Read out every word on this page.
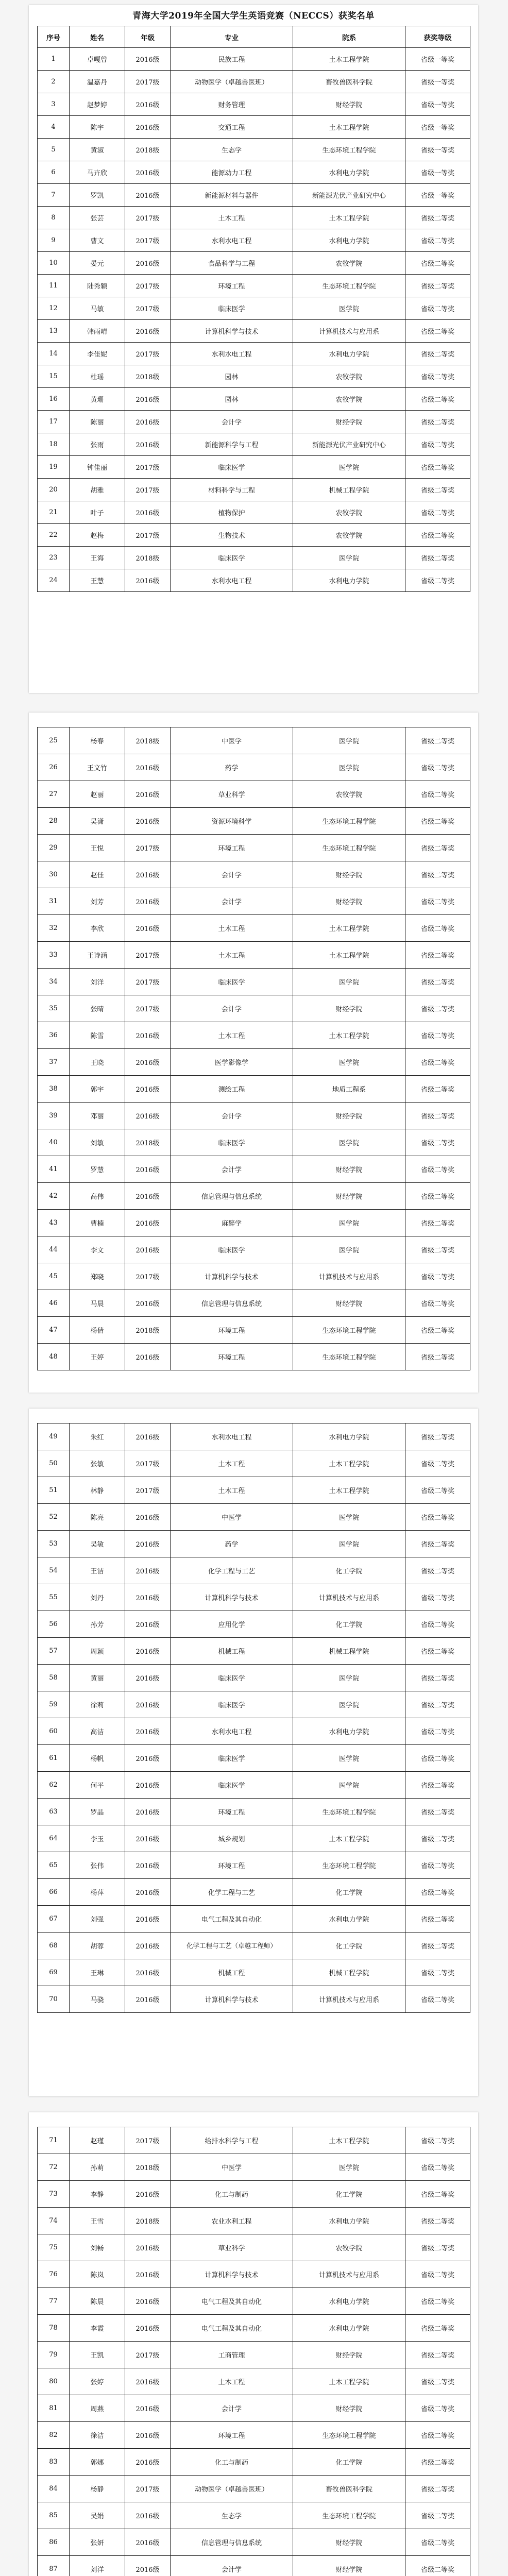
青海大学2019年全国大学生英语竞赛（NECCS）获奖名单
序号	姓名	年级	专业	院系	获奖等级
1	卓嘎曾	2016级	民族工程	土木工程学院	省级一等奖
2	温嘉丹	2017级	动物医学（卓越兽医班）	畜牧兽医科学院	省级一等奖
3	赵梦婷	2016级	财务管理	财经学院	省级一等奖
4	陈宇	2016级	交通工程	土木工程学院	省级一等奖
5	黄淑	2018级	生态学	生态环境工程学院	省级一等奖
6	马卉欣	2016级	能源动力工程	水利电力学院	省级一等奖
7	罗凯	2016级	新能源材料与器件	新能源光伏产业研究中心	省级一等奖
8	张芸	2017级	土木工程	土木工程学院	省级二等奖
9	曹文	2017级	水利水电工程	水利电力学院	省级二等奖
10	晏元	2016级	食品科学与工程	农牧学院	省级二等奖
11	陆秀颖	2017级	环境工程	生态环境工程学院	省级二等奖
12	马敏	2017级	临床医学	医学院	省级二等奖
13	韩雨晴	2016级	计算机科学与技术	计算机技术与应用系	省级二等奖
14	李佳妮	2017级	水利水电工程	水利电力学院	省级二等奖
15	杜瑶	2018级	园林	农牧学院	省级二等奖
16	黄珊	2016级	园林	农牧学院	省级二等奖
17	陈丽	2016级	会计学	财经学院	省级二等奖
18	张雨	2016级	新能源科学与工程	新能源光伏产业研究中心	省级二等奖
19	钟佳丽	2017级	临床医学	医学院	省级二等奖
20	胡雅	2017级	材料科学与工程	机械工程学院	省级二等奖
21	叶子	2016级	植物保护	农牧学院	省级二等奖
22	赵梅	2017级	生物技术	农牧学院	省级二等奖
23	王海	2018级	临床医学	医学院	省级二等奖
24	王慧	2016级	水利水电工程	水利电力学院	省级二等奖
25	杨春	2018级	中医学	医学院	省级二等奖
26	王文竹	2016级	药学	医学院	省级二等奖
27	赵丽	2016级	草业科学	农牧学院	省级二等奖
28	吴潇	2016级	资源环境科学	生态环境工程学院	省级二等奖
29	王悦	2017级	环境工程	生态环境工程学院	省级二等奖
30	赵佳	2016级	会计学	财经学院	省级二等奖
31	刘芳	2016级	会计学	财经学院	省级二等奖
32	李欣	2016级	土木工程	土木工程学院	省级二等奖
33	王诗涵	2017级	土木工程	土木工程学院	省级二等奖
34	刘洋	2017级	临床医学	医学院	省级二等奖
35	张晴	2017级	会计学	财经学院	省级二等奖
36	陈雪	2016级	土木工程	土木工程学院	省级二等奖
37	王晓	2016级	医学影像学	医学院	省级二等奖
38	郭宇	2016级	测绘工程	地质工程系	省级二等奖
39	邓丽	2016级	会计学	财经学院	省级二等奖
40	刘敏	2018级	临床医学	医学院	省级二等奖
41	罗慧	2016级	会计学	财经学院	省级二等奖
42	高伟	2016级	信息管理与信息系统	财经学院	省级二等奖
43	曹楠	2016级	麻醉学	医学院	省级二等奖
44	李文	2016级	临床医学	医学院	省级二等奖
45	郑晓	2017级	计算机科学与技术	计算机技术与应用系	省级二等奖
46	马晨	2016级	信息管理与信息系统	财经学院	省级二等奖
47	杨倩	2018级	环境工程	生态环境工程学院	省级二等奖
48	王婷	2016级	环境工程	生态环境工程学院	省级二等奖
49	朱红	2016级	水利水电工程	水利电力学院	省级二等奖
50	张敏	2017级	土木工程	土木工程学院	省级二等奖
51	林静	2017级	土木工程	土木工程学院	省级二等奖
52	陈亮	2016级	中医学	医学院	省级二等奖
53	吴敏	2016级	药学	医学院	省级二等奖
54	王洁	2016级	化学工程与工艺	化工学院	省级二等奖
55	刘丹	2016级	计算机科学与技术	计算机技术与应用系	省级二等奖
56	孙芳	2016级	应用化学	化工学院	省级二等奖
57	周颖	2016级	机械工程	机械工程学院	省级二等奖
58	黄丽	2016级	临床医学	医学院	省级二等奖
59	徐莉	2016级	临床医学	医学院	省级二等奖
60	高洁	2016级	水利水电工程	水利电力学院	省级二等奖
61	杨帆	2016级	临床医学	医学院	省级二等奖
62	何平	2016级	临床医学	医学院	省级二等奖
63	罗晶	2016级	环境工程	生态环境工程学院	省级二等奖
64	李玉	2016级	城乡规划	土木工程学院	省级二等奖
65	张伟	2016级	环境工程	生态环境工程学院	省级二等奖
66	杨萍	2016级	化学工程与工艺	化工学院	省级二等奖
67	刘强	2016级	电气工程及其自动化	水利电力学院	省级二等奖
68	胡蓉	2016级	化学工程与工艺（卓越工程师）	化工学院	省级二等奖
69	王琳	2016级	机械工程	机械工程学院	省级二等奖
70	马骁	2016级	计算机科学与技术	计算机技术与应用系	省级二等奖
71	赵瑾	2017级	给排水科学与工程	土木工程学院	省级二等奖
72	孙萌	2018级	中医学	医学院	省级二等奖
73	李静	2016级	化工与制药	化工学院	省级二等奖
74	王雪	2018级	农业水利工程	水利电力学院	省级二等奖
75	刘畅	2016级	草业科学	农牧学院	省级二等奖
76	陈岚	2016级	计算机科学与技术	计算机技术与应用系	省级二等奖
77	陈晨	2016级	电气工程及其自动化	水利电力学院	省级二等奖
78	李霞	2016级	电气工程及其自动化	水利电力学院	省级二等奖
79	王凯	2017级	工商管理	财经学院	省级二等奖
80	张婷	2016级	土木工程	土木工程学院	省级二等奖
81	周燕	2016级	会计学	财经学院	省级二等奖
82	徐洁	2016级	环境工程	生态环境工程学院	省级二等奖
83	郭娜	2016级	化工与制药	化工学院	省级二等奖
84	杨静	2017级	动物医学（卓越兽医班）	畜牧兽医科学院	省级二等奖
85	吴娟	2016级	生态学	生态环境工程学院	省级二等奖
86	张妍	2016级	信息管理与信息系统	财经学院	省级二等奖
87	刘洋	2016级	会计学	财经学院	省级二等奖
